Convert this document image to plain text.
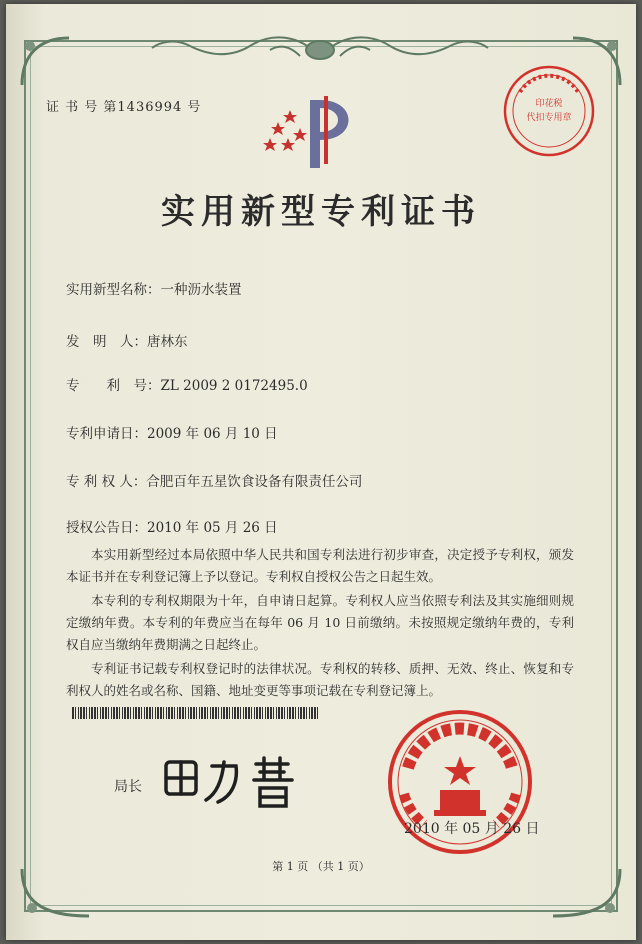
证 书 号 第1436994 号	印花税
代扣专用章
实用新型专利证书
实用新型名称：一种沥水装置
发　明　人：唐林东
专　　利　号：ZL 2009 2 0172495.0
专利申请日：2009 年 06 月 10 日
专 利 权 人：合肥百年五星饮食设备有限责任公司
授权公告日：2010 年 05 月 26 日
本实用新型经过本局依照中华人民共和国专利法进行初步审查，决定授予专利权，颁发本证书并在专利登记簿上予以登记。专利权自授权公告之日起生效。
本专利的专利权期限为十年，自申请日起算。专利权人应当依照专利法及其实施细则规定缴纳年费。本专利的年费应当在每年 06 月 10 日前缴纳。未按照规定缴纳年费的，专利权自应当缴纳年费期满之日起终止。
专利证书记载专利权登记时的法律状况。专利权的转移、质押、无效、终止、恢复和专利权人的姓名或名称、国籍、地址变更等事项记载在专利登记簿上。
局长
2010 年 05 月 26 日
第 1 页 （共 1 页）
